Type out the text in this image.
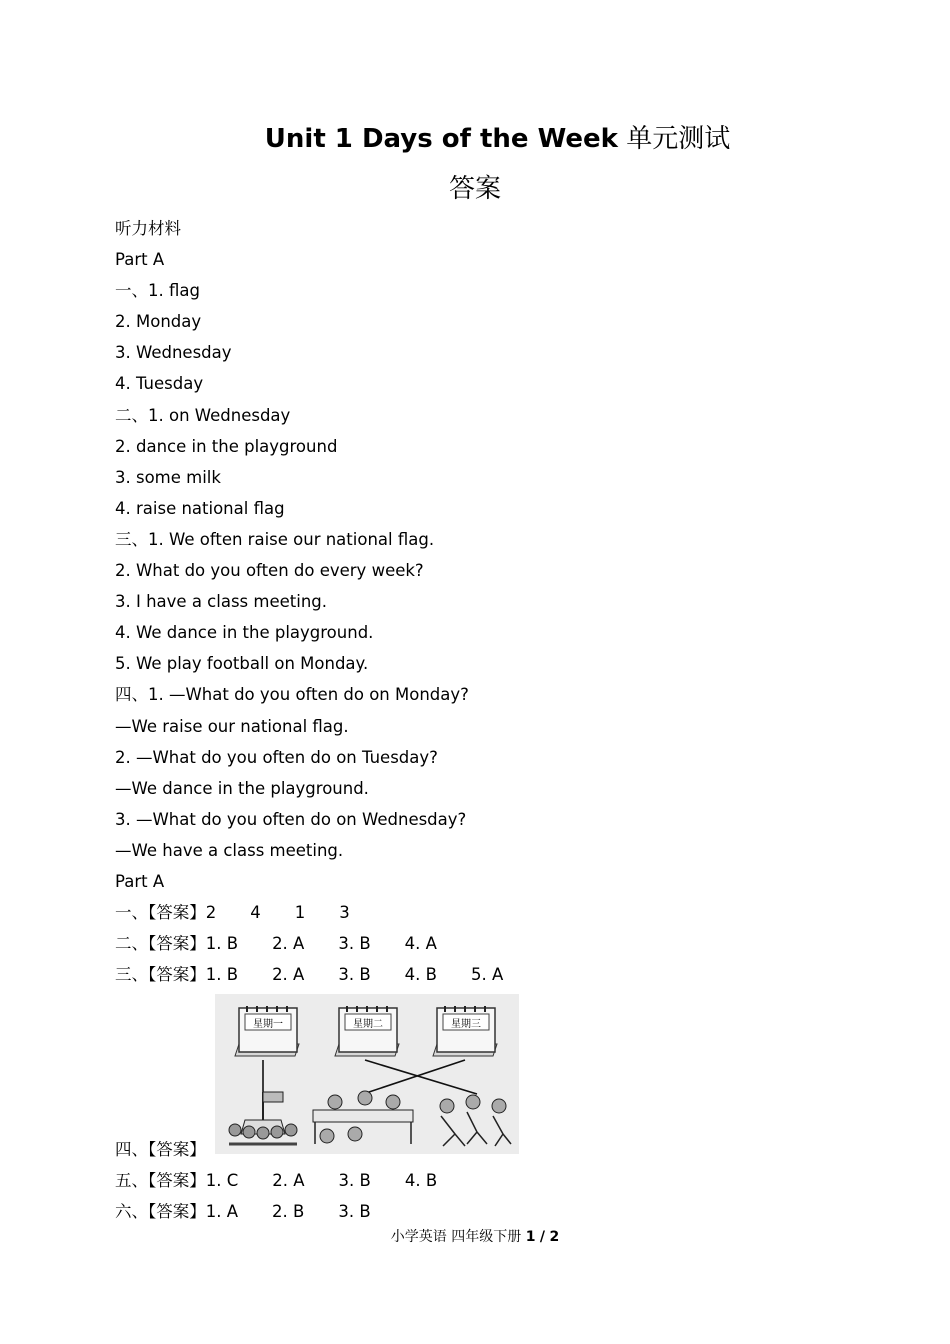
Unit 1 Days of the Week 单元测试
答案
听力材料
Part A
一、1. flag
2. Monday
3. Wednesday
4. Tuesday
二、1. on Wednesday
2. dance in the playground
3. some milk
4. raise national flag
三、1. We often raise our national flag.
2. What do you often do every week?
3. I have a class meeting.
4. We dance in the playground.
5. We play football on Monday.
四、1. —What do you often do on Monday?
—We raise our national flag.
2. —What do you often do on Tuesday?
—We dance in the playground.
3. —What do you often do on Wednesday?
—We have a class meeting.
Part A
一、【答案】2 4 1 3
二、【答案】1. B 2. A 3. B 4. A
三、【答案】1. B 2. A 3. B 4. B 5. A
四、【答案】
星期一	星期二	星期三
五、【答案】1. C 2. A 3. B 4. B
六、【答案】1. A 2. B 3. B
小学英语 四年级下册 1 / 2
